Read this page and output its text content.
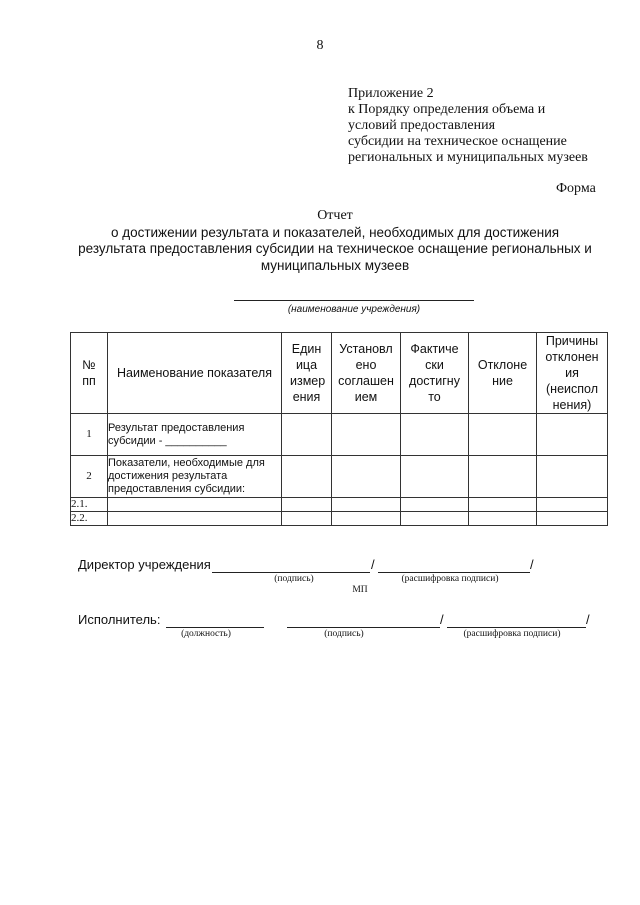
8
Приложение 2
к Порядку определения объема и
условий предоставления
субсидии на техническое оснащение
региональных и муниципальных музеев
Форма
Отчет
о достижении результата и показателей, необходимых для достижения
результата предоставления субсидии на техническое оснащение региональных и
муниципальных музеев
(наименование учреждения)
№ пп	Наименование показателя	Един ица измер ения	Установл ено соглашен ием	Фактиче ски достигну то	Отклоне ние	Причины отклонен ия (неиспол нения)
1	Результат предоставления субсидии - __________					
2	Показатели, необходимые для достижения результата предоставления субсидии:					
2.1.						
2.2.						
Директор учреждения	/	/
(подпись)	(расшифровка подписи)
МП
Исполнитель:	/	/
(должность)	(подпись)	(расшифровка подписи)
